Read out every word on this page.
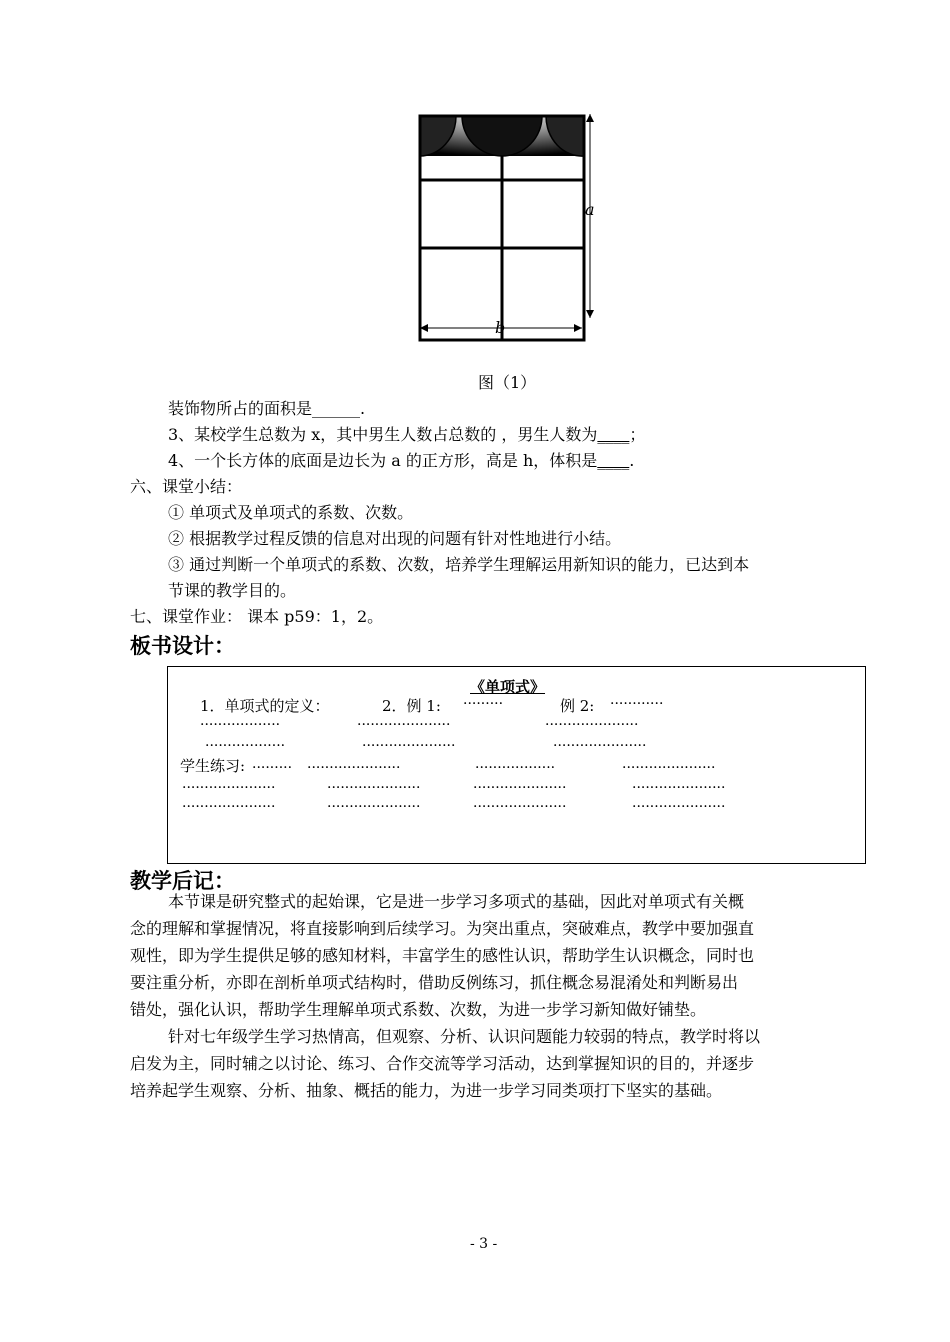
a
b
图（1）
装饰物所占的面积是______.
3、某校学生总数为 x，其中男生人数占总数的 ，男生人数为____；
4、一个长方体的底面是边长为 a 的正方形，高是 h，体积是____.
六、课堂小结：
① 单项式及单项式的系数、次数。
② 根据教学过程反馈的信息对出现的问题有针对性地进行小结。
③ 通过判断一个单项式的系数、次数，培养学生理解运用新知识的能力，已达到本
节课的教学目的。
七、课堂作业： 课本 p59：1，2。
板书设计：
《单项式》
1．单项式的定义：	2．例 1: ·········	例 2: ············
··················	·····················	·····················
··················	·····················	·····················
学生练习: ········· ·····················	··················	·····················
·····················	·····················	·····················	·····················
·····················	·····················	·····················	·····················
教学后记：
本节课是研究整式的起始课，它是进一步学习多项式的基础，因此对单项式有关概
念的理解和掌握情况，将直接影响到后续学习。为突出重点，突破难点，教学中要加强直
观性，即为学生提供足够的感知材料，丰富学生的感性认识，帮助学生认识概念，同时也
要注重分析，亦即在剖析单项式结构时，借助反例练习，抓住概念易混淆处和判断易出
错处，强化认识，帮助学生理解单项式系数、次数，为进一步学习新知做好铺垫。
针对七年级学生学习热情高，但观察、分析、认识问题能力较弱的特点，教学时将以
启发为主，同时辅之以讨论、练习、合作交流等学习活动，达到掌握知识的目的，并逐步
培养起学生观察、分析、抽象、概括的能力，为进一步学习同类项打下坚实的基础。
- 3 -
